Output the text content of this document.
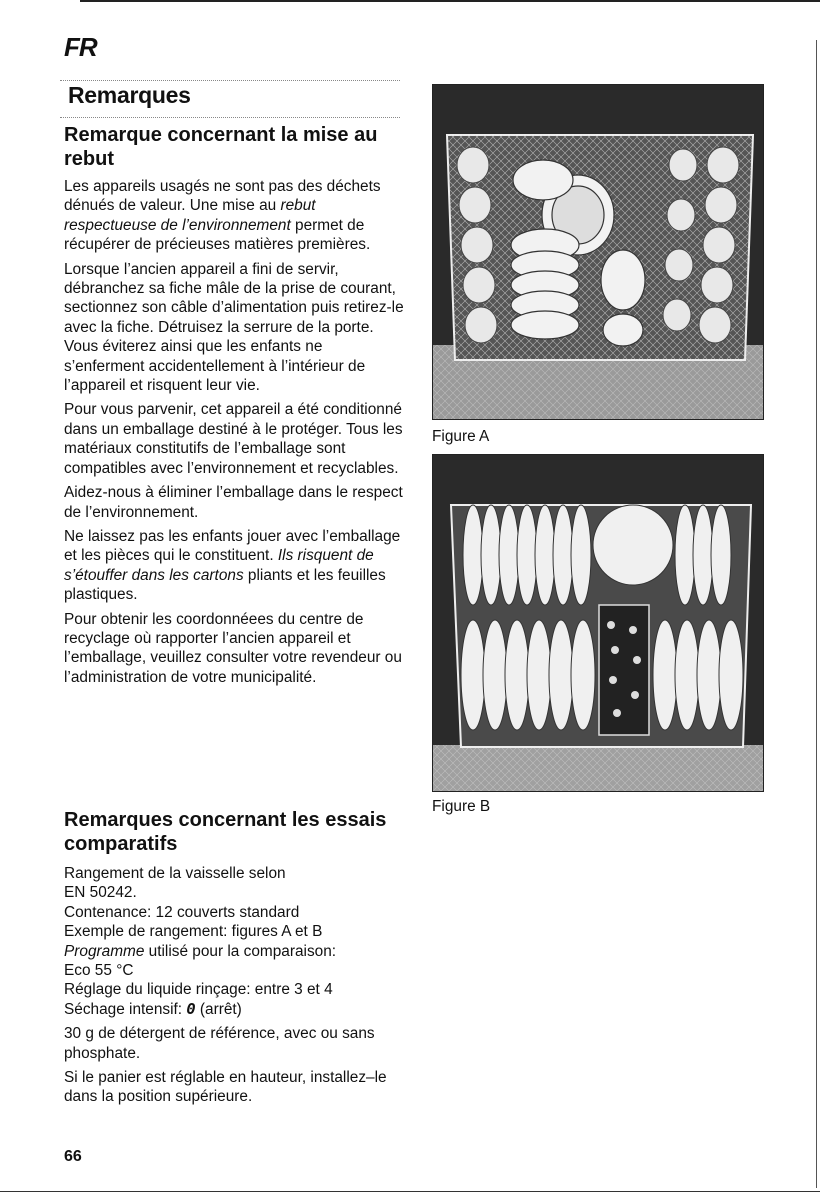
FR
Remarques
Remarque concernant la mise au rebut

Les appareils usagés ne sont pas des déchets dénués de valeur. Une mise au rebut respectueuse de l’environnement permet de récupérer de précieuses matières premières.

Lorsque l’ancien appareil a fini de servir, débranchez sa fiche mâle de la prise de courant, sectionnez son câble d’alimentation puis retirez-le avec la fiche. Détruisez la serrure de la porte. Vous éviterez ainsi que les enfants ne s’enferment accidentellement à l’intérieur de l’appareil et risquent leur vie.

Pour vous parvenir, cet appareil a été conditionné dans un emballage destiné à le protéger. Tous les matériaux constitutifs de l’emballage sont compatibles avec l’environnement et recyclables.

Aidez-nous à éliminer l’emballage dans le respect de l’environnement.

Ne laissez pas les enfants jouer avec l’emballage et les pièces qui le constituent. Ils risquent de s’étouffer dans les cartons pliants et les feuilles plastiques.

Pour obtenir les coordonnéees du centre de recyclage où rapporter l’ancien appareil et l’emballage, veuillez consulter votre revendeur ou l’administration de votre municipalité.

Remarques concernant les essais comparatifs
Rangement de la vaisselle selon
EN 50242.
Contenance: 12 couverts standard
Exemple de rangement: figures A et B
Programme utilisé pour la comparaison:
Eco 55 °C
Réglage du liquide rinçage: entre 3 et 4
Séchage intensif: 0 (arrêt)

30 g de détergent de référence, avec ou sans phosphate.

Si le panier est réglable en hauteur, installez–le dans la position supérieure.

Figure A
Figure B
66
